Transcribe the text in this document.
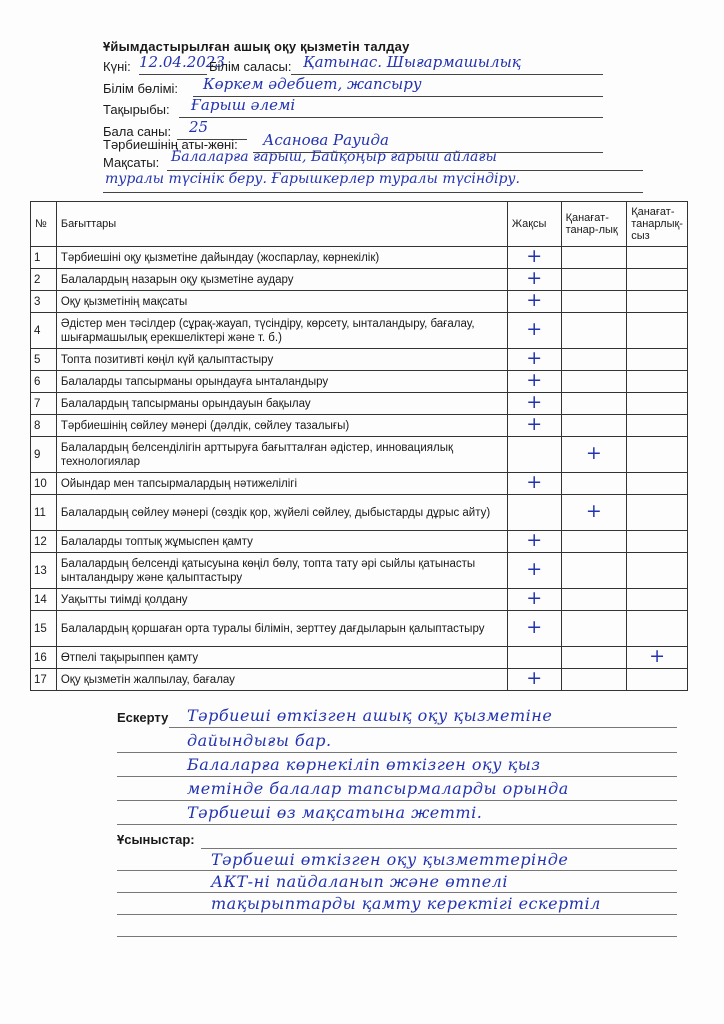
Ұйымдастырылған ашық оқу қызметін талдау
Күні: 12.04.2023
Білім саласы: Қатынас. Шығармашылық
Білім бөлімі: Көркем әдебиет, жапсыру
Тақырыбы: Ғарыш әлемі
Бала саны: 25
Тәрбиешінің аты-жөні: Асанова Рауида
Мақсаты: Балаларға ғарыш, Байқоңыр ғарыш айлағы
туралы түсінік беру. Ғарышкерлер туралы түсіндіру.
№	Бағыттары	Жақсы	Қанағат-танар-лық	Қанағат-танарлық-сыз
1	Тәрбиешіні оқу қызметіне дайындау (жоспарлау, көрнекілік)	+		
2	Балалардың назарын оқу қызметіне аудару	+		
3	Оқу қызметінің мақсаты	+		
4	Әдістер мен тәсілдер (сұрақ-жауап, түсіндіру, көрсету, ынталандыру, бағалау, шығармашылық ерекшеліктері және т. б.)	+		
5	Топта позитивті көңіл күй қалыптастыру	+		
6	Балаларды тапсырманы орындауға ынталандыру	+		
7	Балалардың тапсырманы орындауын бақылау	+		
8	Тәрбиешінің сөйлеу мәнері (дәлдік, сөйлеу тазалығы)	+		
9	Балалардың белсенділігін арттыруға бағытталған әдістер, инновациялық технологиялар		+	
10	Ойындар мен тапсырмалардың нәтижелілігі	+		
11	Балалардың сөйлеу мәнері (сөздік қор, жүйелі сөйлеу, дыбыстарды дұрыс айту)		+	
12	Балаларды топтық жұмыспен қамту	+		
13	Балалардың белсенді қатысуына көңіл бөлу, топта тату әрі сыйлы қатынасты ынталандыру және қалыптастыру	+		
14	Уақытты тиімді қолдану	+		
15	Балалардың қоршаған орта туралы білімін, зерттеу дағдыларын қалыптастыру	+		
16	Өтпелі тақырыппен қамту			+
17	Оқу қызметін жалпылау, бағалау	+		
Ескерту Тәрбиеші өткізген ашық оқу қызметіне
дайындығы бар.
Балаларға көрнекіліп өткізген оқу қыз
метінде балалар тапсырмаларды орында
Тәрбиеші өз мақсатына жетті.
Ұсыныстар:
Тәрбиеші өткізген оқу қызметтерінде
АКТ-ні пайдаланып және өтпелі
тақырыптарды қамту керектігі ескертіл
